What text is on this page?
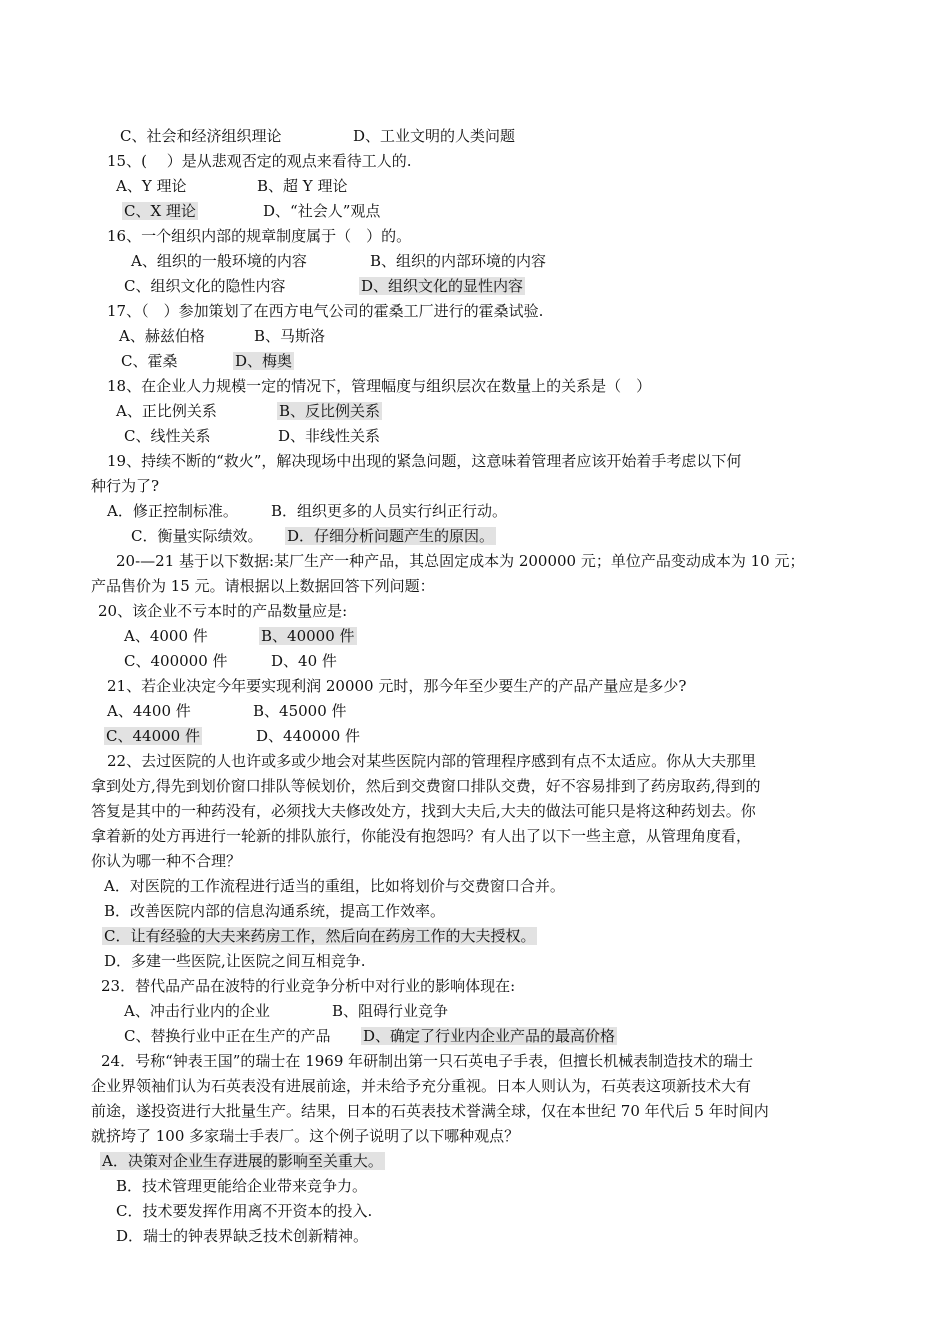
C、社会和经济组织理论	D、工业文明的人类问题
15、(　 ）是从悲观否定的观点来看待工人的.
A、Y 理论	B、超 Y 理论
C、X 理论	D、“社会人”观点
16、一个组织内部的规章制度属于（　）的。
A、组织的一般环境的内容	B、组织的内部环境的内容
C、组织文化的隐性内容	D、组织文化的显性内容
17、（　）参加策划了在西方电气公司的霍桑工厂进行的霍桑试验.
A、赫兹伯格	B、马斯洛
C、霍桑	D、梅奥
18、在企业人力规模一定的情况下，管理幅度与组织层次在数量上的关系是（　）
A、正比例关系	B、反比例关系
C、线性关系	D、非线性关系
19、持续不断的“救火”，解决现场中出现的紧急问题，这意味着管理者应该开始着手考虑以下何
种行为了?
A．修正控制标准。 B．组织更多的人员实行纠正行动。
C．衡量实际绩效。 D．仔细分析问题产生的原因。
20-—21 基于以下数据:某厂生产一种产品，其总固定成本为 200000 元；单位产品变动成本为 10 元；
产品售价为 15 元。请根据以上数据回答下列问题：
20、该企业不亏本时的产品数量应是:
A、4000 件	B、40000 件
C、400000 件	D、40 件
21、若企业决定今年要实现利润 20000 元时，那今年至少要生产的产品产量应是多少?
A、4400 件	B、45000 件
C、44000 件	D、440000 件
22、去过医院的人也许或多或少地会对某些医院内部的管理程序感到有点不太适应。你从大夫那里
拿到处方,得先到划价窗口排队等候划价，然后到交费窗口排队交费，好不容易排到了药房取药,得到的
答复是其中的一种药没有，必须找大夫修改处方，找到大夫后,大夫的做法可能只是将这种药划去。你
拿着新的处方再进行一轮新的排队旅行，你能没有抱怨吗？有人出了以下一些主意，从管理角度看，
你认为哪一种不合理？
A．对医院的工作流程进行适当的重组，比如将划价与交费窗口合并。
B．改善医院内部的信息沟通系统，提高工作效率。
C．让有经验的大夫来药房工作，然后向在药房工作的大夫授权。
D．多建一些医院,让医院之间互相竞争.
23．替代品产品在波特的行业竞争分析中对行业的影响体现在:
A、冲击行业内的企业	B、阻碍行业竞争
C、替换行业中正在生产的产品 D、确定了行业内企业产品的最高价格
24．号称“钟表王国”的瑞士在 1969 年研制出第一只石英电子手表，但擅长机械表制造技术的瑞士
企业界领袖们认为石英表没有进展前途，并未给予充分重视。日本人则认为，石英表这项新技术大有
前途，遂投资进行大批量生产。结果，日本的石英表技术誉满全球，仅在本世纪 70 年代后 5 年时间内
就挤垮了 100 多家瑞士手表厂。这个例子说明了以下哪种观点？
A．决策对企业生存进展的影响至关重大。
B．技术管理更能给企业带来竞争力。
C．技术要发挥作用离不开资本的投入.
D．瑞士的钟表界缺乏技术创新精神。
